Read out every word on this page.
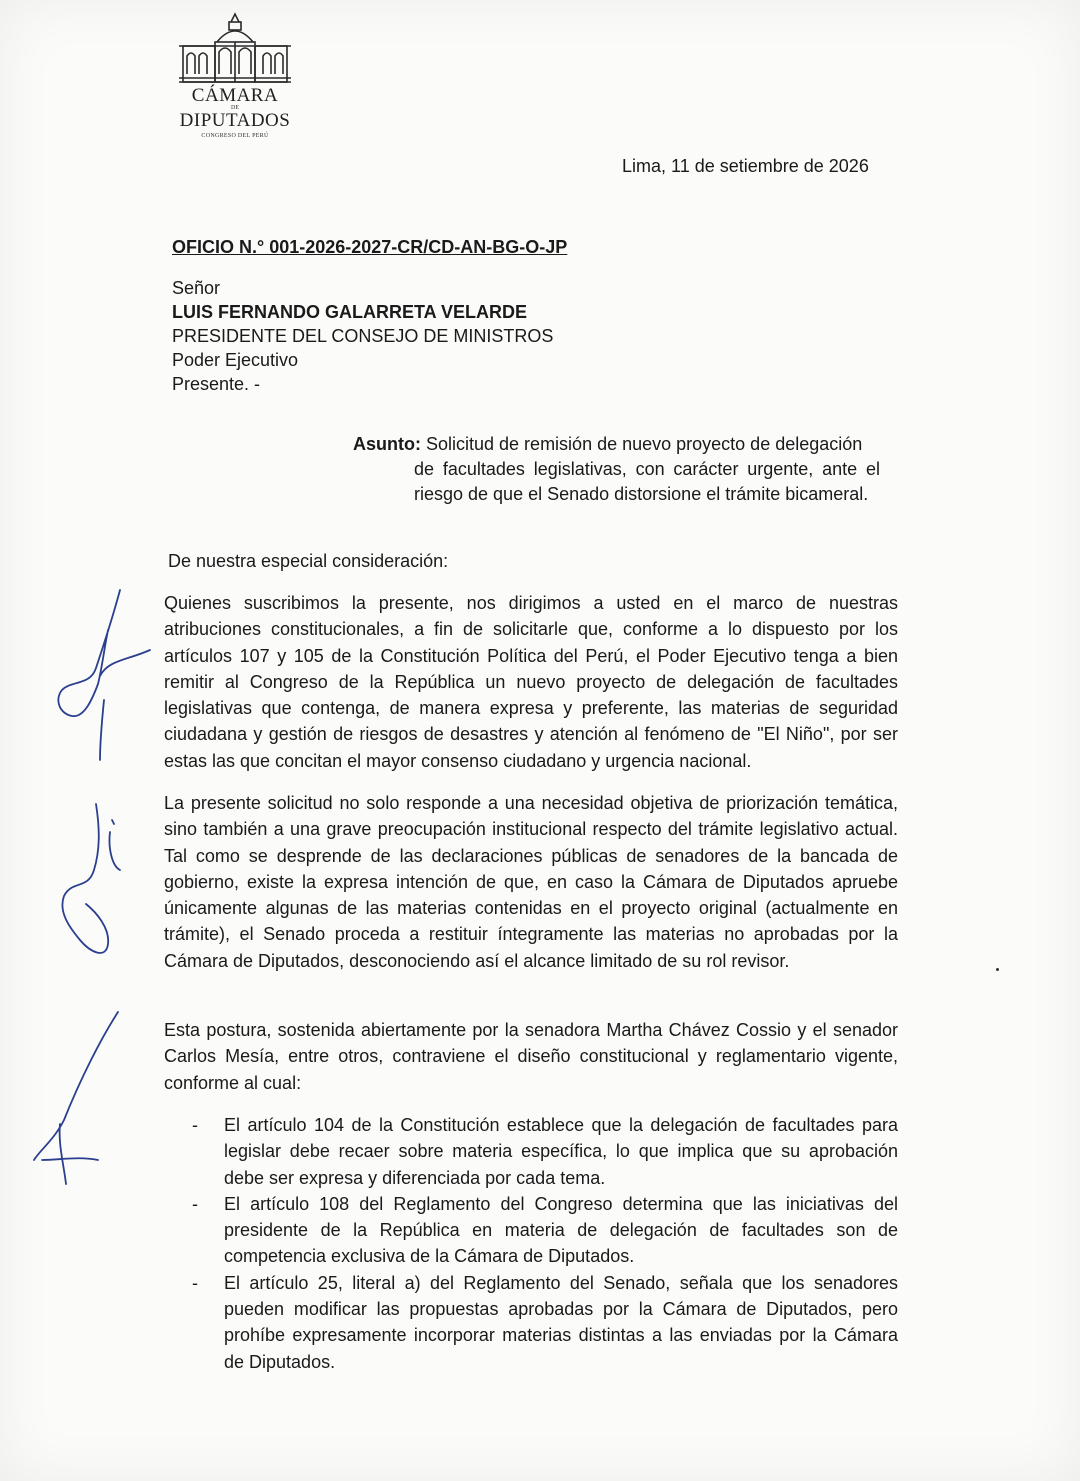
CÁMARA
DE
DIPUTADOS
CONGRESO DEL PERÚ
Lima, 11 de setiembre de 2026
OFICIO N.° 001-2026-2027-CR/CD-AN-BG-O-JP
Señor
LUIS FERNANDO GALARRETA VELARDE
PRESIDENTE DEL CONSEJO DE MINISTROS
Poder Ejecutivo
Presente. -
Asunto: Solicitud de remisión de nuevo proyecto de delegación
de facultades legislativas, con carácter urgente, ante el riesgo de que el Senado distorsione el trámite bicameral.
De nuestra especial consideración:

Quienes suscribimos la presente, nos dirigimos a usted en el marco de nuestras atribuciones constitucionales, a fin de solicitarle que, conforme a lo dispuesto por los artículos 107 y 105 de la Constitución Política del Perú, el Poder Ejecutivo tenga a bien remitir al Congreso de la República un nuevo proyecto de delegación de facultades legislativas que contenga, de manera expresa y preferente, las materias de seguridad ciudadana y gestión de riesgos de desastres y atención al fenómeno de "El Niño", por ser estas las que concitan el mayor consenso ciudadano y urgencia nacional.

La presente solicitud no solo responde a una necesidad objetiva de priorización temática, sino también a una grave preocupación institucional respecto del trámite legislativo actual. Tal como se desprende de las declaraciones públicas de senadores de la bancada de gobierno, existe la expresa intención de que, en caso la Cámara de Diputados apruebe únicamente algunas de las materias contenidas en el proyecto original (actualmente en trámite), el Senado proceda a restituir íntegramente las materias no aprobadas por la Cámara de Diputados, desconociendo así el alcance limitado de su rol revisor.

Esta postura, sostenida abiertamente por la senadora Martha Chávez Cossio y el senador Carlos Mesía, entre otros, contraviene el diseño constitucional y reglamentario vigente, conforme al cual:

- El artículo 104 de la Constitución establece que la delegación de facultades para legislar debe recaer sobre materia específica, lo que implica que su aprobación debe ser expresa y diferenciada por cada tema.
- El artículo 108 del Reglamento del Congreso determina que las iniciativas del presidente de la República en materia de delegación de facultades son de competencia exclusiva de la Cámara de Diputados.
- El artículo 25, literal a) del Reglamento del Senado, señala que los senadores pueden modificar las propuestas aprobadas por la Cámara de Diputados, pero prohíbe expresamente incorporar materias distintas a las enviadas por la Cámara de Diputados.
